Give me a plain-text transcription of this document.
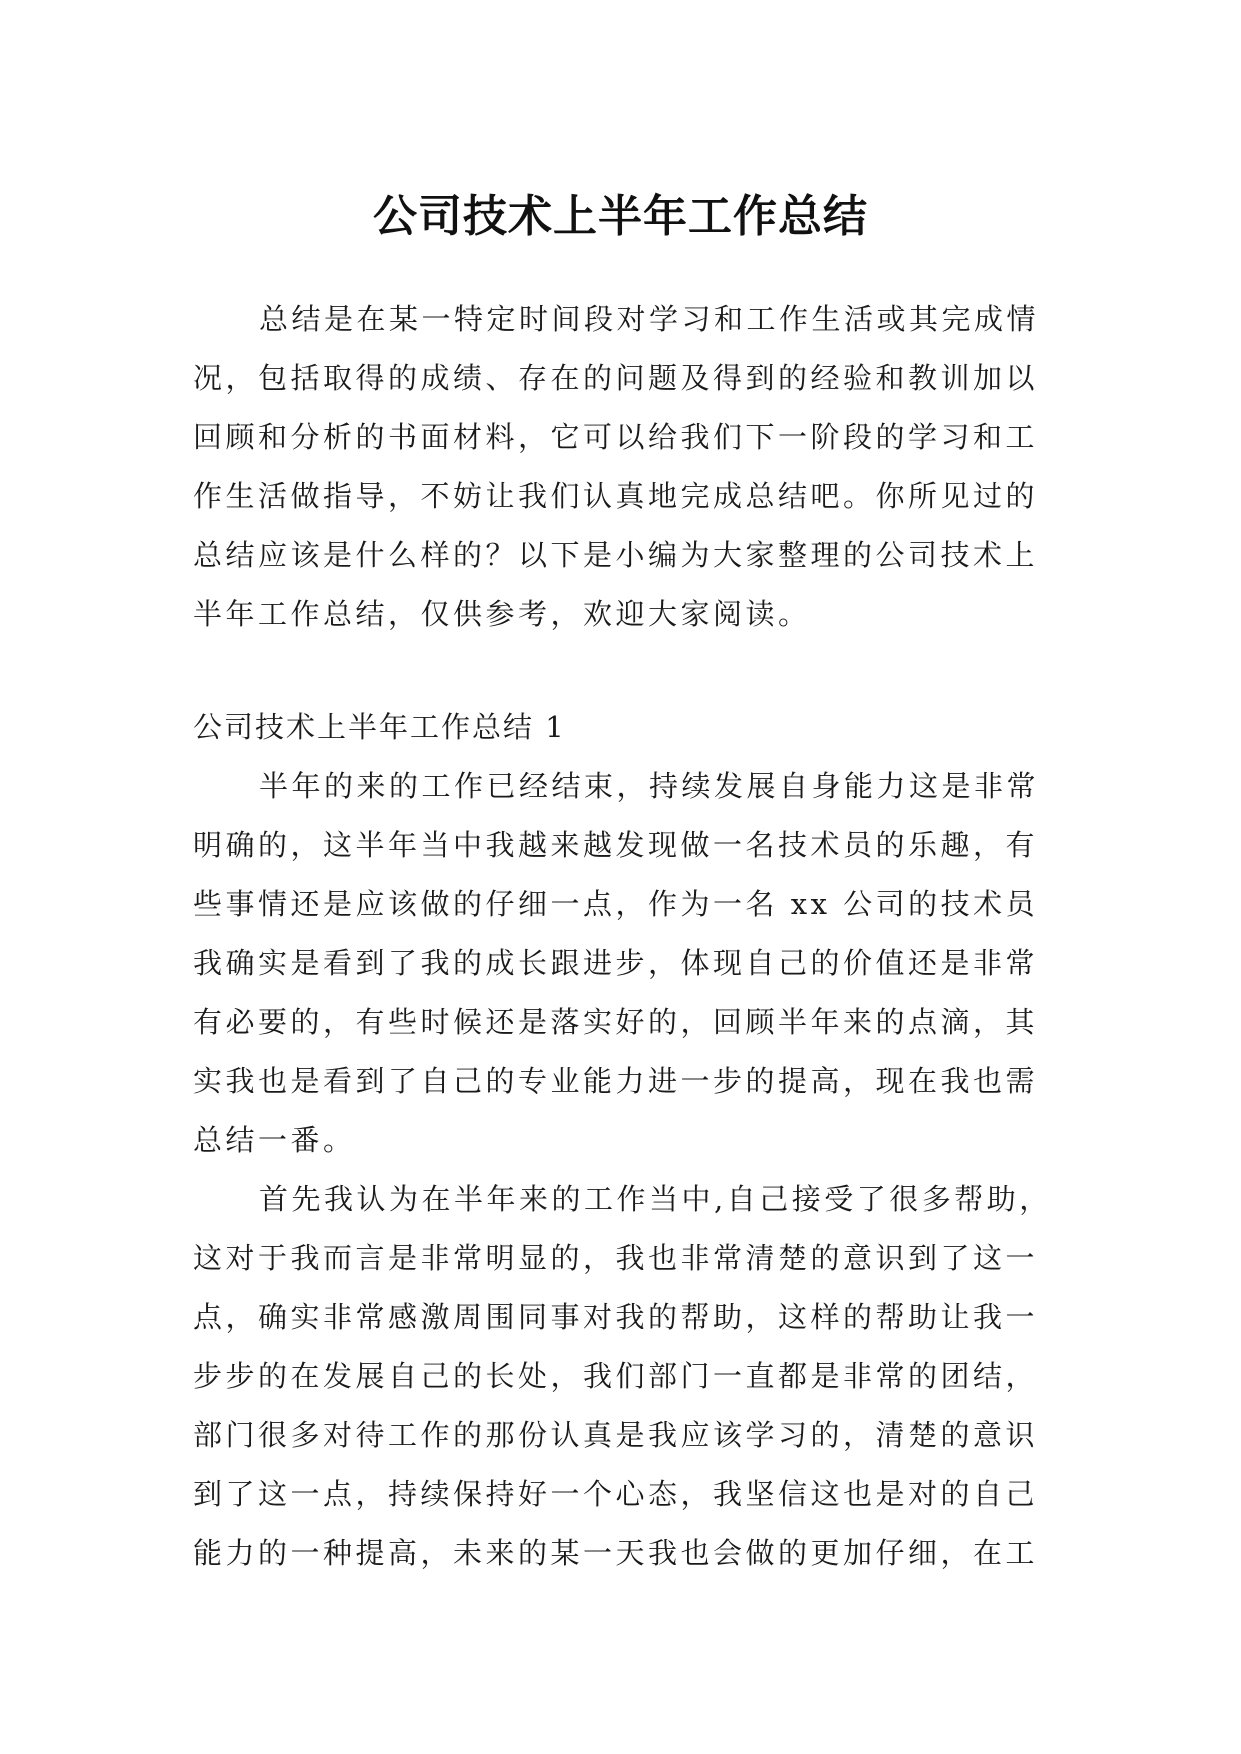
公司技术上半年工作总结

总结是在某一特定时间段对学习和工作生活或其完成情况，包括取得的成绩、存在的问题及得到的经验和教训加以回顾和分析的书面材料，它可以给我们下一阶段的学习和工作生活做指导，不妨让我们认真地完成总结吧。你所见过的总结应该是什么样的？以下是小编为大家整理的公司技术上半年工作总结，仅供参考，欢迎大家阅读。

公司技术上半年工作总结 1

半年的来的工作已经结束，持续发展自身能力这是非常明确的，这半年当中我越来越发现做一名技术员的乐趣，有些事情还是应该做的仔细一点，作为一名 xx 公司的技术员我确实是看到了我的成长跟进步，体现自己的价值还是非常有必要的，有些时候还是落实好的，回顾半年来的点滴，其实我也是看到了自己的专业能力进一步的提高，现在我也需总结一番。

首先我认为在半年来的工作当中,自己接受了很多帮助，这对于我而言是非常明显的，我也非常清楚的意识到了这一点，确实非常感激周围同事对我的帮助，这样的帮助让我一步步的在发展自己的长处，我们部门一直都是非常的团结，部门很多对待工作的那份认真是我应该学习的，清楚的意识到了这一点，持续保持好一个心态，我坚信这也是对的自己能力的一种提高，未来的某一天我也会做的更加仔细，在工
